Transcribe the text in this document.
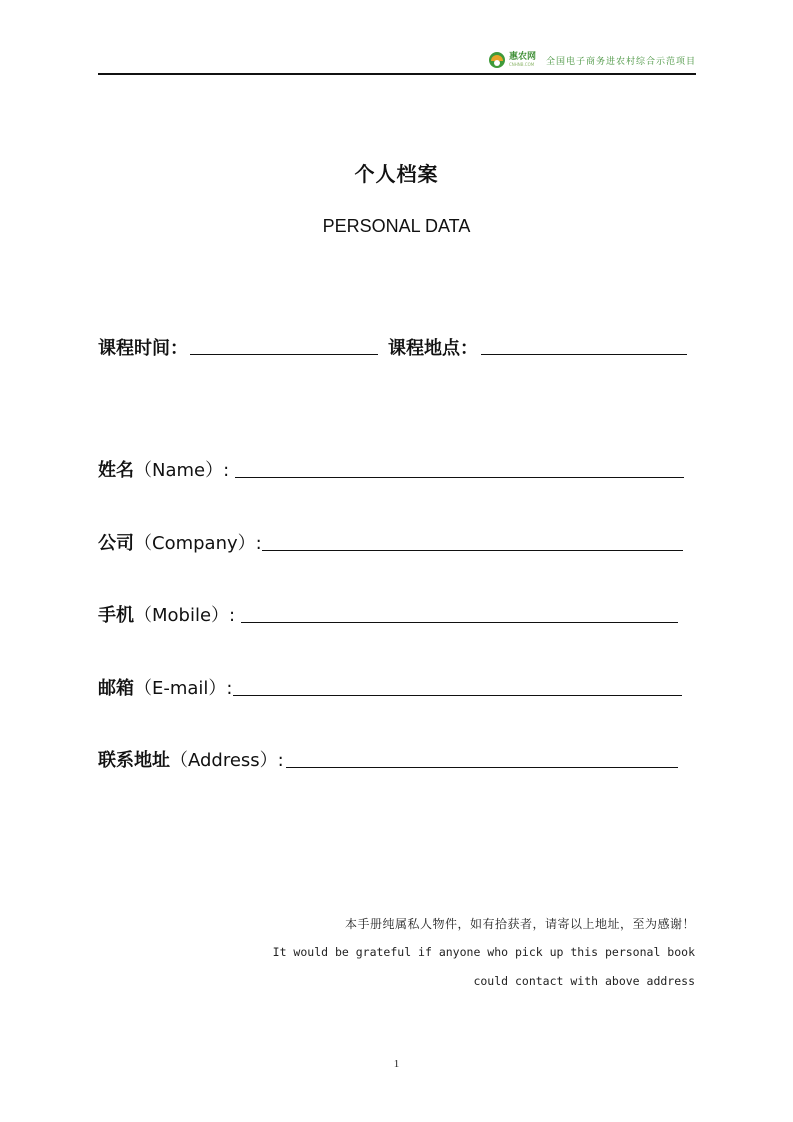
惠农网
CNHNB.COM 全国电子商务进农村综合示范项目
个人档案
PERSONAL DATA
课程时间：	课程地点：
姓名（Name）:
公司（Company）:
手机（Mobile）:
邮箱（E-mail）:
联系地址（Address）:
本手册纯属私人物件，如有拾获者，请寄以上地址，至为感谢！
It would be grateful if anyone who pick up this personal book
could contact with above address
1
